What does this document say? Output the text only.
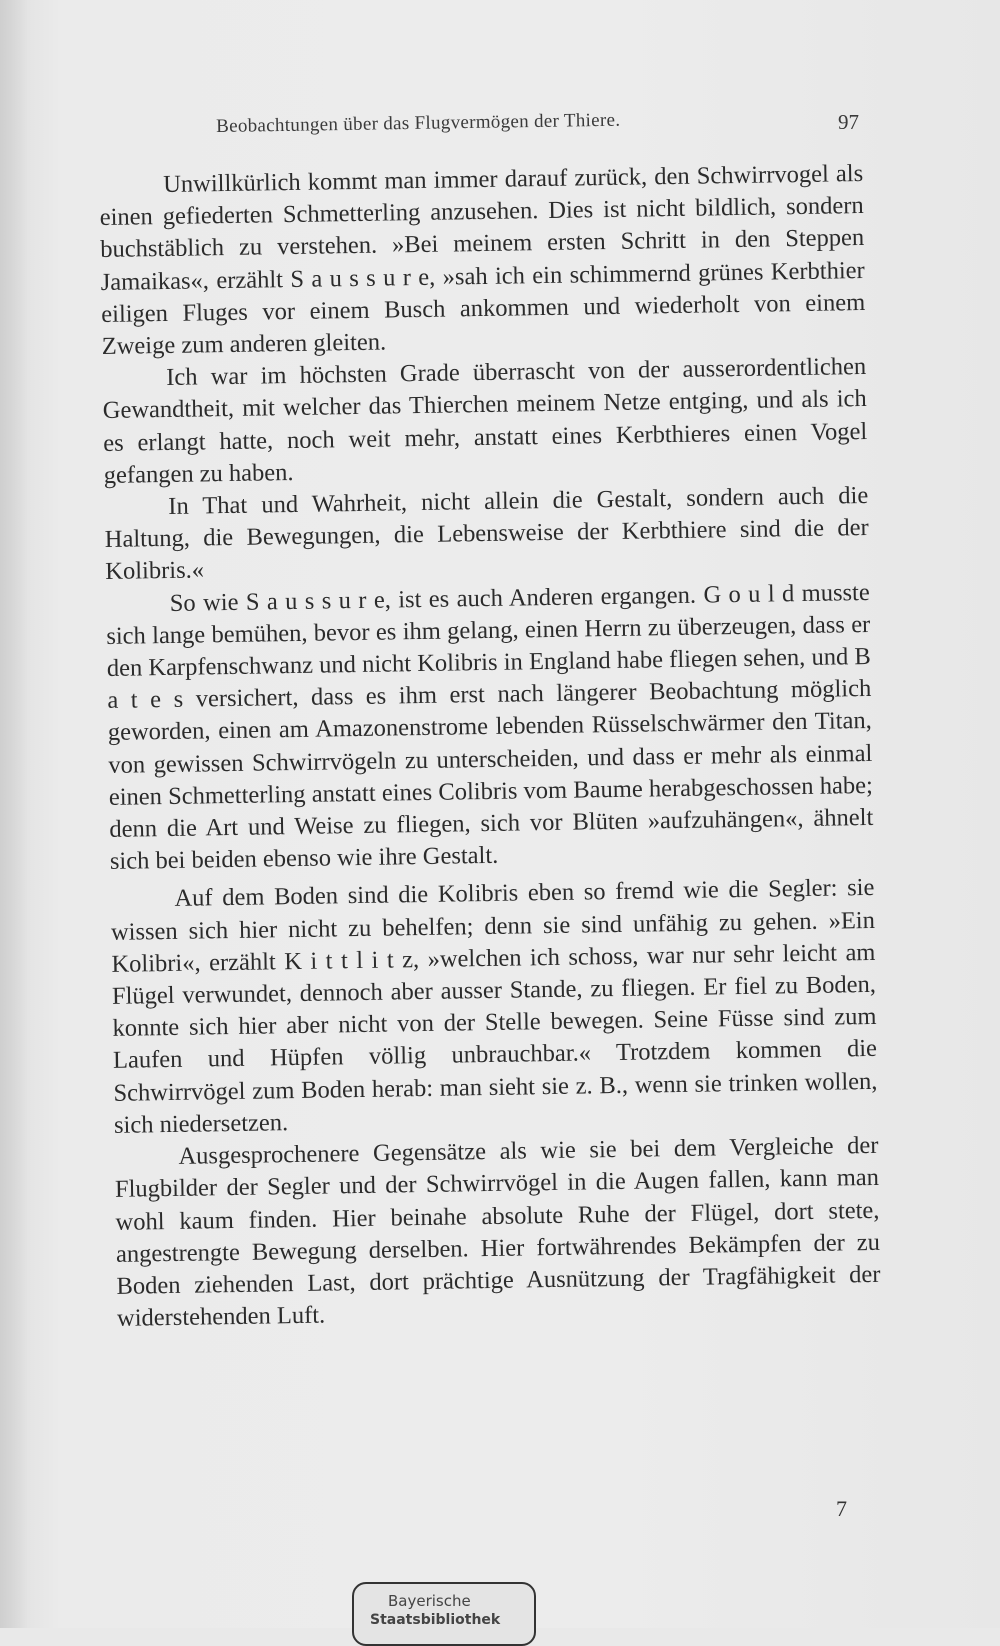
Beobachtungen über das Flugvermögen der Thiere.	97

Unwillkürlich kommt man immer darauf zurück, den Schwirrvogel als einen gefiederten Schmetterling anzusehen. Dies ist nicht bildlich, sondern buchstäblich zu verstehen. »Bei meinem ersten Schritt in den Steppen Jamaikas«, erzählt S a u s s u r e, »sah ich ein schimmernd grünes Kerbthier eiligen Fluges vor einem Busch ankommen und wiederholt von einem Zweige zum anderen gleiten.

Ich war im höchsten Grade überrascht von der ausserordentlichen Gewandtheit, mit welcher das Thierchen meinem Netze entging, und als ich es erlangt hatte, noch weit mehr, anstatt eines Kerbthieres einen Vogel gefangen zu haben.

In That und Wahrheit, nicht allein die Gestalt, sondern auch die Haltung, die Bewegungen, die Lebensweise der Kerbthiere sind die der Kolibris.«

So wie S a u s s u r e, ist es auch Anderen ergangen. G o u l d musste sich lange bemühen, bevor es ihm gelang, einen Herrn zu überzeugen, dass er den Karpfenschwanz und nicht Kolibris in England habe fliegen sehen, und B a t e s versichert, dass es ihm erst nach längerer Beobachtung möglich geworden, einen am Amazonenstrome lebenden Rüsselschwärmer den Titan, von gewissen Schwirrvögeln zu unterscheiden, und dass er mehr als einmal einen Schmetterling anstatt eines Colibris vom Baume herabgeschossen habe; denn die Art und Weise zu fliegen, sich vor Blüten »aufzuhängen«, ähnelt sich bei beiden ebenso wie ihre Gestalt.

Auf dem Boden sind die Kolibris eben so fremd wie die Segler: sie wissen sich hier nicht zu behelfen; denn sie sind unfähig zu gehen. »Ein Kolibri«, erzählt K i t t l i t z, »welchen ich schoss, war nur sehr leicht am Flügel verwundet, dennoch aber ausser Stande, zu fliegen. Er fiel zu Boden, konnte sich hier aber nicht von der Stelle bewegen. Seine Füsse sind zum Laufen und Hüpfen völlig unbrauchbar.« Trotzdem kommen die Schwirrvögel zum Boden herab: man sieht sie z. B., wenn sie trinken wollen, sich niedersetzen.

Ausgesprochenere Gegensätze als wie sie bei dem Vergleiche der Flugbilder der Segler und der Schwirrvögel in die Augen fallen, kann man wohl kaum finden. Hier beinahe absolute Ruhe der Flügel, dort stete, angestrengte Bewegung derselben. Hier fortwährendes Bekämpfen der zu Boden ziehenden Last, dort prächtige Ausnützung der Tragfähigkeit der widerstehenden Luft.

7
Bayerische
Staatsbibliothek
